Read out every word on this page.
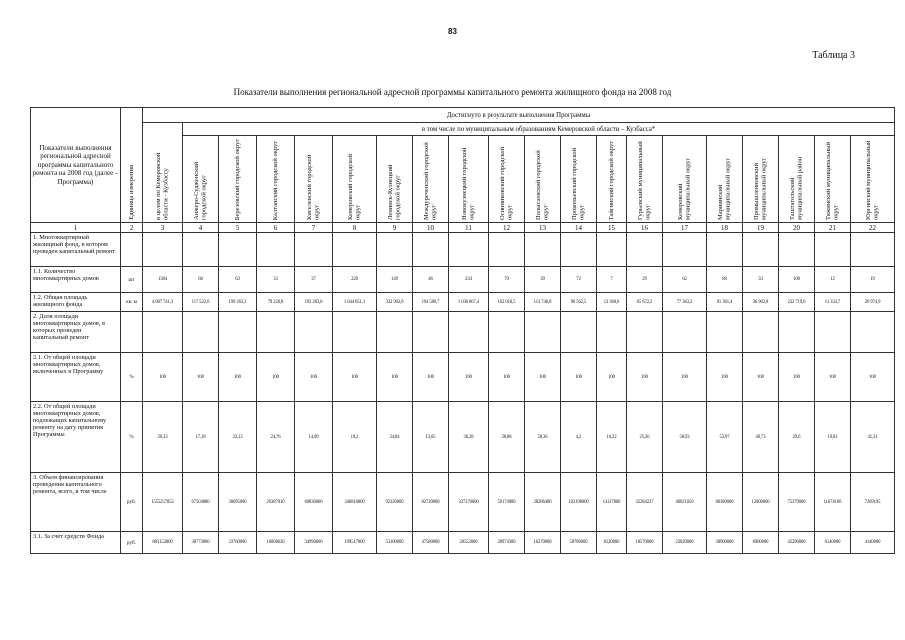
83
Таблица 3
Показатели выполнения региональной адресной программы капитального ремонта жилищного фонда на 2008 год
Показатели выполнения региональной адресной программы капитального ремонта на 2008 год (далее – Программа)	Единица измерения	Достигнуто в результате выполнения Программы																			

		в целом по Кемеровской области - Кузбассу	в том числе по муниципальным образованиям Кемеровской области – Кузбасса*																		

			Анжеро-Судженский городской округ	Березовский городской округ	Калтанский городской округ	Киселевский городской округ	Кемеровский городской округ	Ленинск-Кузнецкий городской округ	Междуреченский городской округ	Новокузнецкий городской округ	Осинниковский городской округ	Полысаевский городской округ	Прокопьевский городской округ	Тайгинский городской округ	Гурьевский муниципальный округ	Кемеровский муниципальный округ	Мариинский муниципальный округ	Промышленновский муниципальный округ	Таштагольский муниципальный район	Тяжинский муниципальный округ	Юргинский муниципальный округ

1	2	3	4	5	6	7	8	9	10	11	12	13	14	15	16	17	18	19	20	21	22
1. Многоквартирный жилищный фонд, в котором проведен капитальный ремонт																					
1.1. Количество многоквартирных домов	шт	1384	68	63	33	37	220	149	46	234	70	39	72	7	29	62	88	33	100	12	19
1.2. Общая площадь жилищного фонда	кв. м	4 087 741,3	117 522,0	199 263,3	79 226,8	192 283,0	1 044 051,1	332 902,0	194 580,7	1 036 867,4	162 018,5	113 746,8	96 562,5	13 368,0	65 672,2	77 363,2	91 361,4	36 902,8	232 719,0	11 333,7	20 974,9
2. Доля площади многоквартирных домов, в которых проведен капитальный ремонт																					
2.1. От общей площади многоквартирных домов, включенных в Программу	%	100	100	100	100	100	100	100	100	100	100	100	100	100	100	100	100	100	100	100	100
2.2. От общей площади многоквартирных домов, подлежащих капитальному ремонту на дату принятия Программы	%	20,33	17,18	33,13	24,76	14,09	19,2	34,84	13,05	36,28	28,88	58,36	4,2	16,22	25,26	58,93	53,97	40,73	29,6	19,81	41,31
3. Объем финансирования проведения капитального ремонта, всего, в том числе	руб.	1555257852	67504880	38695000	29387810	60830000	346810000	92320000	82720000	337270000	59174980	28286480	102198000	14117800	32284237	40021050	80380000	12000000	75379000	11674100	7269195
3.1. За счет средств Фонда	руб.	883153000	38773000	33760000	16808620	34990000	199517000	53100000	47580000	20553000	28974380	16270000	58780000	8120000	18570000	23020000	38900000	6900000	42290000	6140000	4140000
